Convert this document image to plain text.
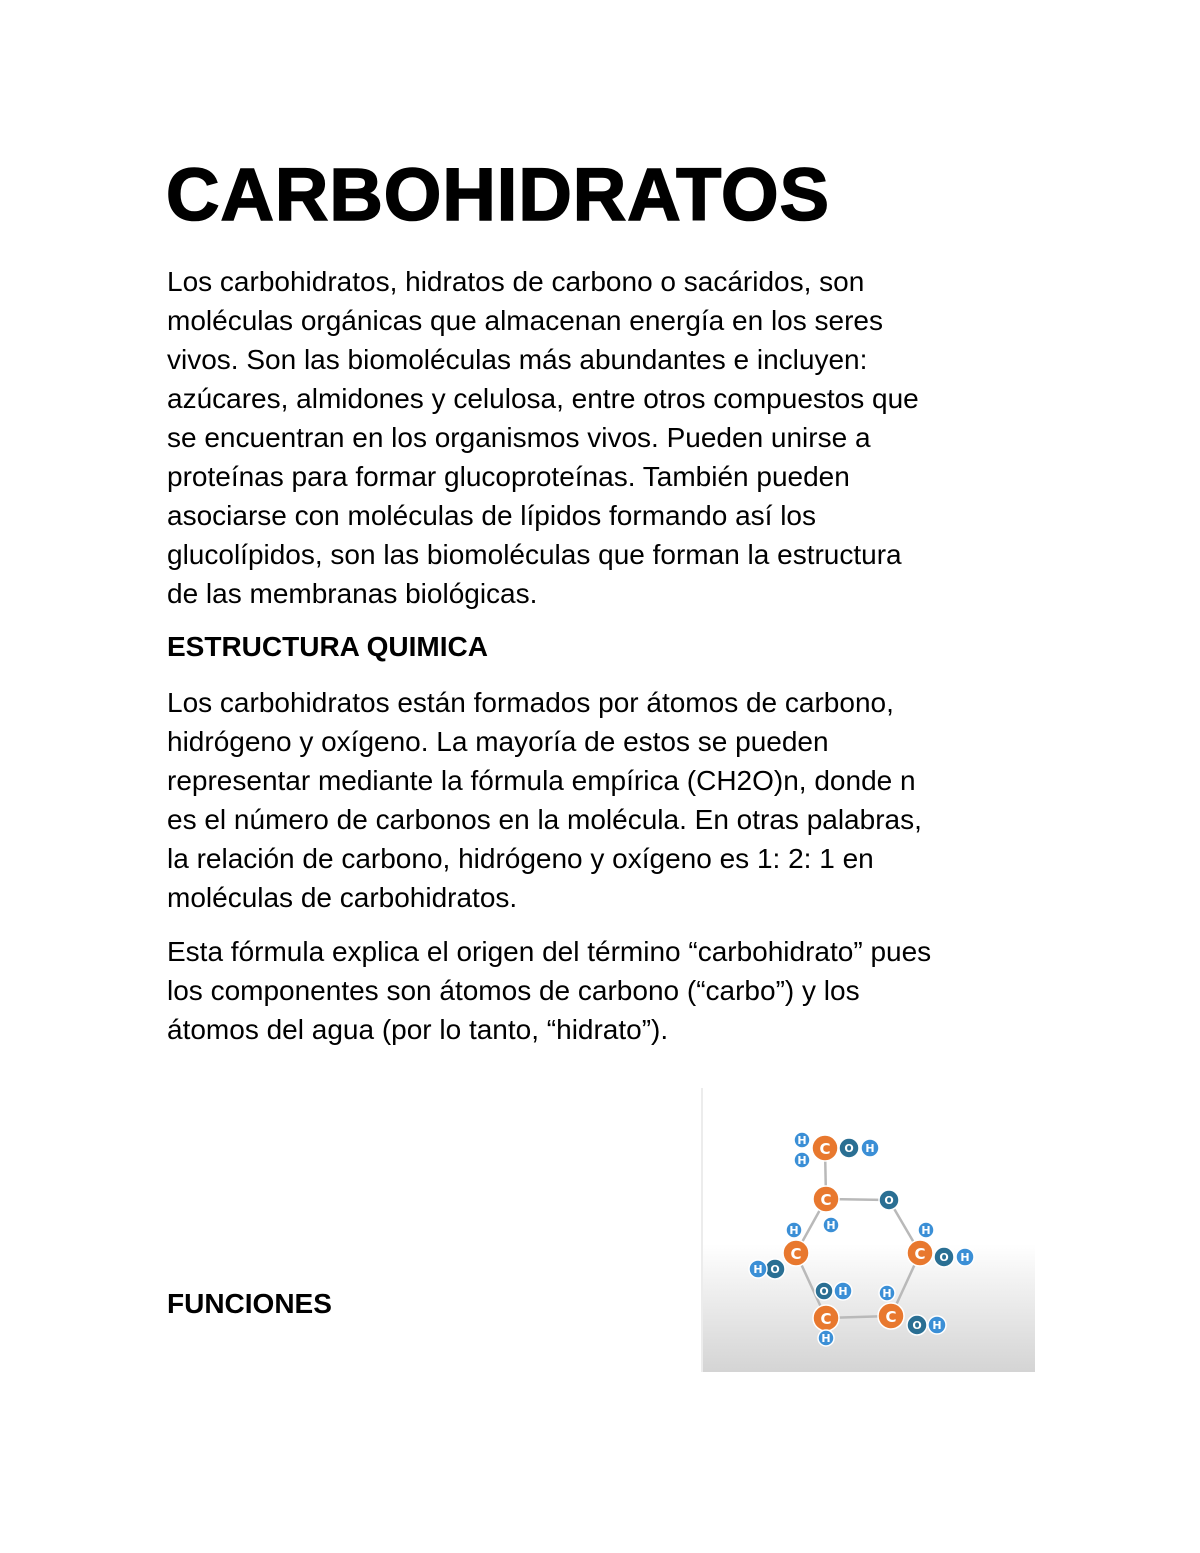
CARBOHIDRATOS

Los carbohidratos, hidratos de carbono o sacáridos, son
moléculas orgánicas que almacenan energía en los seres
vivos. Son las biomoléculas más abundantes e incluyen:
azúcares, almidones y celulosa, entre otros compuestos que
se encuentran en los organismos vivos. Pueden unirse a
proteínas para formar glucoproteínas. También pueden
asociarse con moléculas de lípidos formando así los
glucolípidos, son las biomoléculas que forman la estructura
de las membranas biológicas.

ESTRUCTURA QUIMICA

Los carbohidratos están formados por átomos de carbono,
hidrógeno y oxígeno. La mayoría de estos se pueden
representar mediante la fórmula empírica (CH2O)n, donde n
es el número de carbonos en la molécula. En otras palabras,
la relación de carbono, hidrógeno y oxígeno es 1: 2: 1 en
moléculas de carbohidratos.

Esta fórmula explica el origen del término “carbohidrato” pues
los componentes son átomos de carbono (“carbo”) y los
átomos del agua (por lo tanto, “hidrato”).

FUNCIONES
H
H
C O H
C	O
H	H	H
C O H
C
O
H
O H	H
C	C
H
O H
